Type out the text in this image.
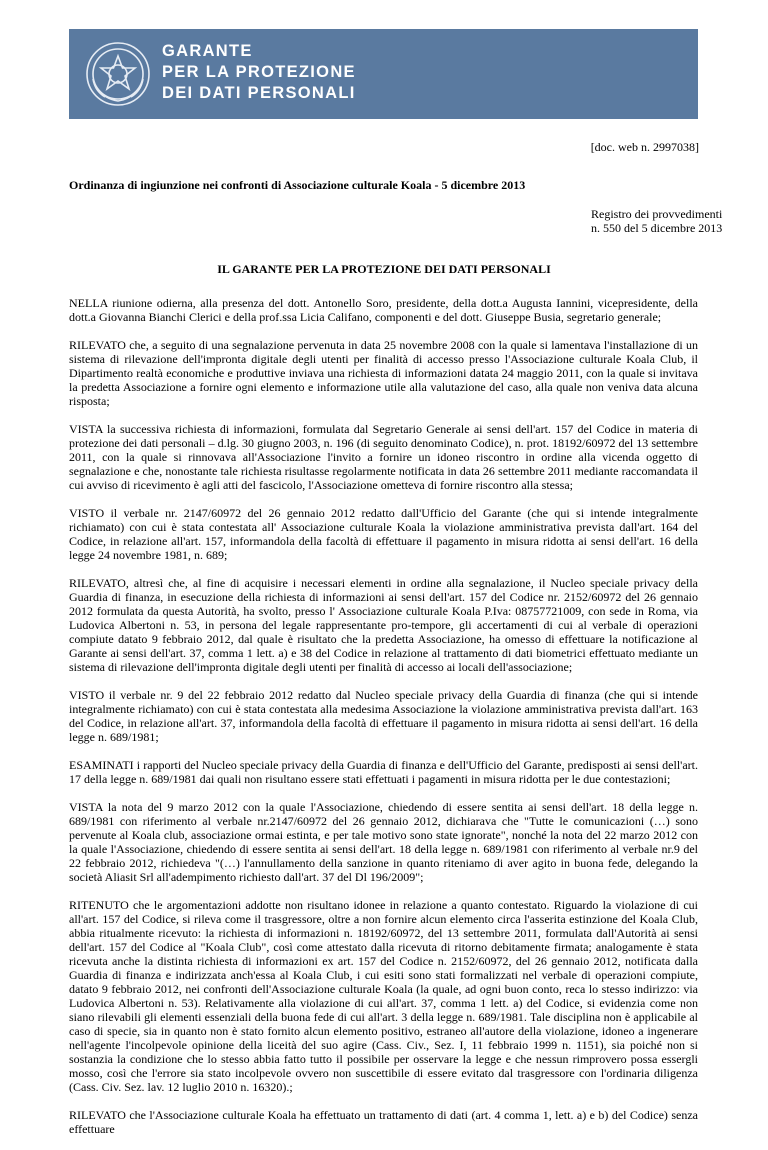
GARANTE
PER LA PROTEZIONE
DEI DATI PERSONALI
[doc. web n. 2997038]
Ordinanza di ingiunzione nei confronti di Associazione culturale Koala - 5 dicembre 2013
Registro dei provvedimenti
n. 550 del 5 dicembre 2013
IL GARANTE PER LA PROTEZIONE DEI DATI PERSONALI

NELLA riunione odierna, alla presenza del dott. Antonello Soro, presidente, della dott.a Augusta Iannini, vicepresidente, della dott.a Giovanna Bianchi Clerici e della prof.ssa Licia Califano, componenti e del dott. Giuseppe Busia, segretario generale;

RILEVATO che, a seguito di una segnalazione pervenuta in data 25 novembre 2008 con la quale si lamentava l'installazione di un sistema di rilevazione dell'impronta digitale degli utenti per finalità di accesso presso l'Associazione culturale Koala Club, il Dipartimento realtà economiche e produttive inviava una richiesta di informazioni datata 24 maggio 2011, con la quale si invitava la predetta Associazione a fornire ogni elemento e informazione utile alla valutazione del caso, alla quale non veniva data alcuna risposta;

VISTA la successiva richiesta di informazioni, formulata dal Segretario Generale ai sensi dell'art. 157 del Codice in materia di protezione dei dati personali – d.lg. 30 giugno 2003, n. 196 (di seguito denominato Codice), n. prot. 18192/60972 del 13 settembre 2011, con la quale si rinnovava all'Associazione l'invito a fornire un idoneo riscontro in ordine alla vicenda oggetto di segnalazione e che, nonostante tale richiesta risultasse regolarmente notificata in data 26 settembre 2011 mediante raccomandata il cui avviso di ricevimento è agli atti del fascicolo, l'Associazione ometteva di fornire riscontro alla stessa;

VISTO il verbale nr. 2147/60972 del 26 gennaio 2012 redatto dall'Ufficio del Garante (che qui si intende integralmente richiamato) con cui è stata contestata all' Associazione culturale Koala la violazione amministrativa prevista dall'art. 164 del Codice, in relazione all'art. 157, informandola della facoltà di effettuare il pagamento in misura ridotta ai sensi dell'art. 16 della legge 24 novembre 1981, n. 689;

RILEVATO, altresì che, al fine di acquisire i necessari elementi in ordine alla segnalazione, il Nucleo speciale privacy della Guardia di finanza, in esecuzione della richiesta di informazioni ai sensi dell'art. 157 del Codice nr. 2152/60972 del 26 gennaio 2012 formulata da questa Autorità, ha svolto, presso l' Associazione culturale Koala P.Iva: 08757721009, con sede in Roma, via Ludovica Albertoni n. 53, in persona del legale rappresentante pro-tempore, gli accertamenti di cui al verbale di operazioni compiute datato 9 febbraio 2012, dal quale è risultato che la predetta Associazione, ha omesso di effettuare la notificazione al Garante ai sensi dell'art. 37, comma 1 lett. a) e 38 del Codice in relazione al trattamento di dati biometrici effettuato mediante un sistema di rilevazione dell'impronta digitale degli utenti per finalità di accesso ai locali dell'associazione;

VISTO il verbale nr. 9 del 22 febbraio 2012 redatto dal Nucleo speciale privacy della Guardia di finanza (che qui si intende integralmente richiamato) con cui è stata contestata alla medesima Associazione la violazione amministrativa prevista dall'art. 163 del Codice, in relazione all'art. 37, informandola della facoltà di effettuare il pagamento in misura ridotta ai sensi dell'art. 16 della legge n. 689/1981;

ESAMINATI i rapporti del Nucleo speciale privacy della Guardia di finanza e dell'Ufficio del Garante, predisposti ai sensi dell'art. 17 della legge n. 689/1981 dai quali non risultano essere stati effettuati i pagamenti in misura ridotta per le due contestazioni;

VISTA la nota del 9 marzo 2012 con la quale l'Associazione, chiedendo di essere sentita ai sensi dell'art. 18 della legge n. 689/1981 con riferimento al verbale nr.2147/60972 del 26 gennaio 2012, dichiarava che "Tutte le comunicazioni (…) sono pervenute al Koala club, associazione ormai estinta, e per tale motivo sono state ignorate", nonché la nota del 22 marzo 2012 con la quale l'Associazione, chiedendo di essere sentita ai sensi dell'art. 18 della legge n. 689/1981 con riferimento al verbale nr.9 del 22 febbraio 2012, richiedeva "(…) l'annullamento della sanzione in quanto riteniamo di aver agito in buona fede, delegando la società Aliasit Srl all'adempimento richiesto dall'art. 37 del Dl 196/2009";

RITENUTO che le argomentazioni addotte non risultano idonee in relazione a quanto contestato. Riguardo la violazione di cui all'art. 157 del Codice, si rileva come il trasgressore, oltre a non fornire alcun elemento circa l'asserita estinzione del Koala Club, abbia ritualmente ricevuto: la richiesta di informazioni n. 18192/60972, del 13 settembre 2011, formulata dall'Autorità ai sensi dell'art. 157 del Codice al "Koala Club", così come attestato dalla ricevuta di ritorno debitamente firmata; analogamente è stata ricevuta anche la distinta richiesta di informazioni ex art. 157 del Codice n. 2152/60972, del 26 gennaio 2012, notificata dalla Guardia di finanza e indirizzata anch'essa al Koala Club, i cui esiti sono stati formalizzati nel verbale di operazioni compiute, datato 9 febbraio 2012, nei confronti dell'Associazione culturale Koala (la quale, ad ogni buon conto, reca lo stesso indirizzo: via Ludovica Albertoni n. 53). Relativamente alla violazione di cui all'art. 37, comma 1 lett. a) del Codice, si evidenzia come non siano rilevabili gli elementi essenziali della buona fede di cui all'art. 3 della legge n. 689/1981. Tale disciplina non è applicabile al caso di specie, sia in quanto non è stato fornito alcun elemento positivo, estraneo all'autore della violazione, idoneo a ingenerare nell'agente l'incolpevole opinione della liceità del suo agire (Cass. Civ., Sez. I, 11 febbraio 1999 n. 1151), sia poiché non si sostanzia la condizione che lo stesso abbia fatto tutto il possibile per osservare la legge e che nessun rimprovero possa essergli mosso, così che l'errore sia stato incolpevole ovvero non suscettibile di essere evitato dal trasgressore con l'ordinaria diligenza (Cass. Civ. Sez. lav. 12 luglio 2010 n. 16320).;

RILEVATO che l'Associazione culturale Koala ha effettuato un trattamento di dati (art. 4 comma 1, lett. a) e b) del Codice) senza effettuare
